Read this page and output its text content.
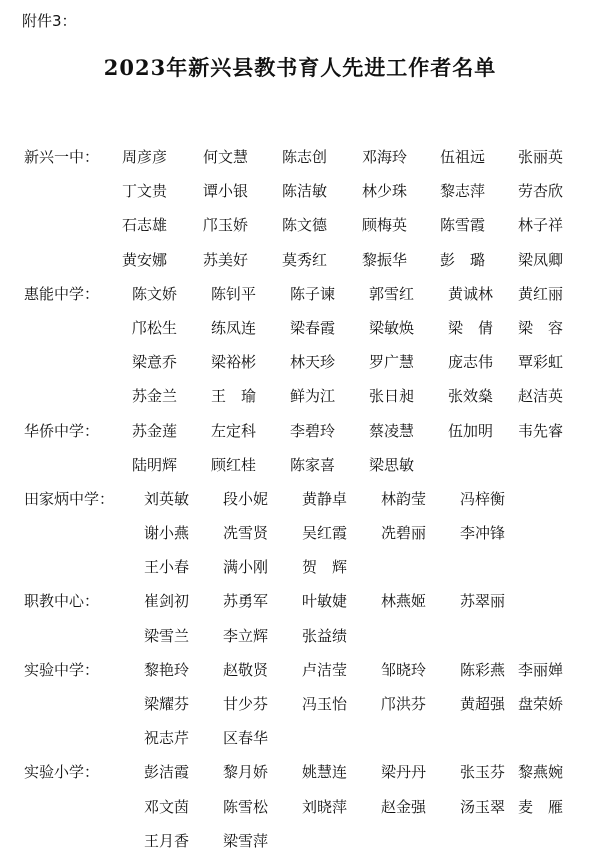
附件3：
2023年新兴县教书育人先进工作者名单
新兴一中： 周彦彦 何文慧 陈志创 邓海玲 伍祖远 张丽英
丁文贵 谭小银 陈洁敏 林少珠 黎志萍 劳杏欣
石志雄 邝玉娇 陈文德 顾梅英 陈雪霞 林子祥
黄安娜 苏美好 莫秀红 黎振华 彭　璐 梁凤卿
惠能中学： 陈文娇 陈钊平 陈子谏 郭雪红 黄诚林 黄红丽
邝松生 练凤连 梁春霞 梁敏焕 梁　倩 梁　容
梁意乔 梁裕彬 林天珍 罗广慧 庞志伟 覃彩虹
苏金兰 王　瑜 鲜为江 张日昶 张效燊 赵洁英
华侨中学： 苏金莲 左定科 李碧玲 蔡凌慧 伍加明 韦先睿
陆明辉 顾红桂 陈家喜 梁思敏
田家炳中学： 刘英敏 段小妮 黄静卓 林韵莹 冯梓衡
谢小燕 冼雪贤 吴红霞 冼碧丽 李冲锋
王小春 满小刚 贺　辉
职教中心：	崔剑初 苏勇军 叶敏婕 林燕姬 苏翠丽
梁雪兰 李立辉 张益绩
实验中学：	黎艳玲 赵敬贤 卢洁莹 邹晓玲 陈彩燕 李丽婵
梁耀芬 甘少芬 冯玉怡 邝洪芬 黄超强 盘荣娇
祝志芹 区春华
实验小学：	彭洁霞 黎月娇 姚慧连 梁丹丹 张玉芬 黎燕婉
邓文茵 陈雪松 刘晓萍 赵金强 汤玉翠 麦　雁
王月香 梁雪萍
